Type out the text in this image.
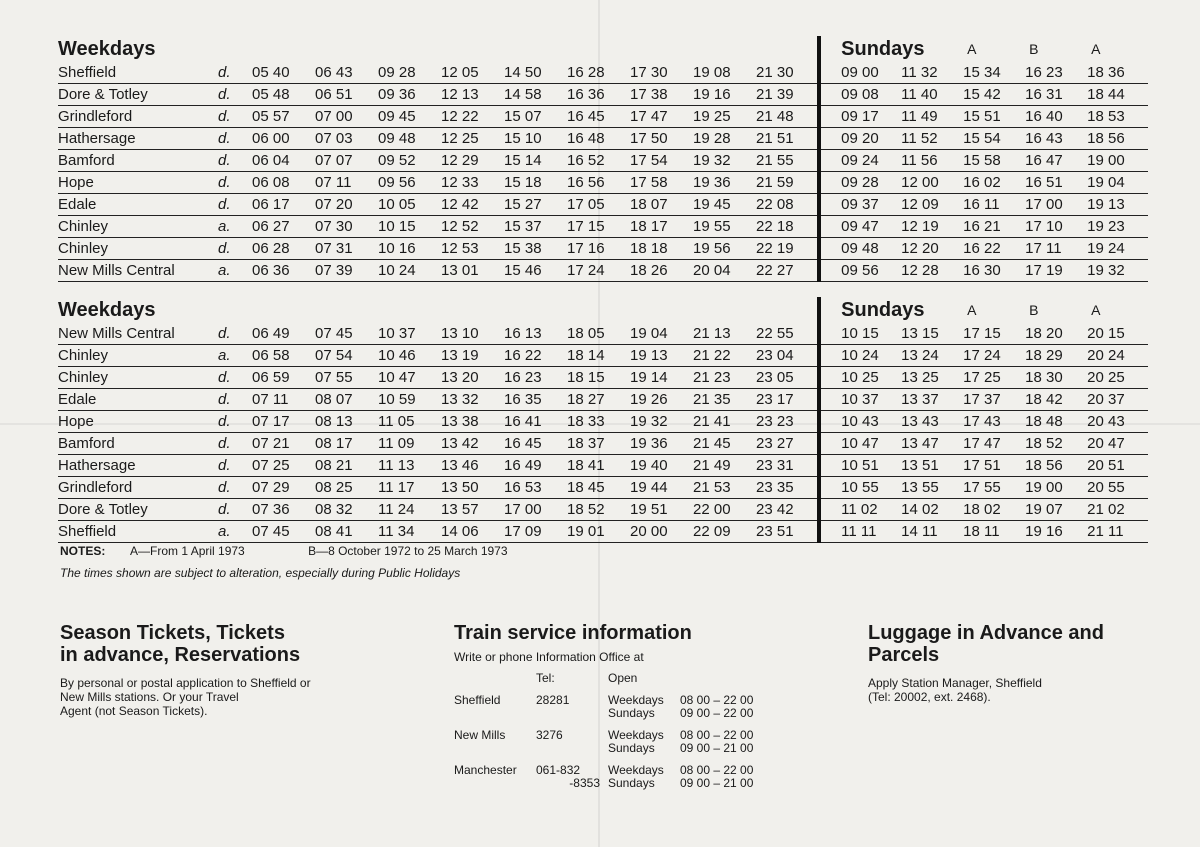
Weekdays											Sundays		A	B	A
Sheffield	d.	05 40	06 43	09 28	12 05	14 50	16 28	17 30	19 08	21 30	09 00	11 32	15 34	16 23	18 36
Dore & Totley	d.	05 48	06 51	09 36	12 13	14 58	16 36	17 38	19 16	21 39	09 08	11 40	15 42	16 31	18 44
Grindleford	d.	05 57	07 00	09 45	12 22	15 07	16 45	17 47	19 25	21 48	09 17	11 49	15 51	16 40	18 53
Hathersage	d.	06 00	07 03	09 48	12 25	15 10	16 48	17 50	19 28	21 51	09 20	11 52	15 54	16 43	18 56
Bamford	d.	06 04	07 07	09 52	12 29	15 14	16 52	17 54	19 32	21 55	09 24	11 56	15 58	16 47	19 00
Hope	d.	06 08	07 11	09 56	12 33	15 18	16 56	17 58	19 36	21 59	09 28	12 00	16 02	16 51	19 04
Edale	d.	06 17	07 20	10 05	12 42	15 27	17 05	18 07	19 45	22 08	09 37	12 09	16 11	17 00	19 13
Chinley	a.	06 27	07 30	10 15	12 52	15 37	17 15	18 17	19 55	22 18	09 47	12 19	16 21	17 10	19 23
Chinley	d.	06 28	07 31	10 16	12 53	15 38	17 16	18 18	19 56	22 19	09 48	12 20	16 22	17 11	19 24
New Mills Central	a.	06 36	07 39	10 24	13 01	15 46	17 24	18 26	20 04	22 27	09 56	12 28	16 30	17 19	19 32
Weekdays											Sundays		A	B	A
New Mills Central	d.	06 49	07 45	10 37	13 10	16 13	18 05	19 04	21 13	22 55	10 15	13 15	17 15	18 20	20 15
Chinley	a.	06 58	07 54	10 46	13 19	16 22	18 14	19 13	21 22	23 04	10 24	13 24	17 24	18 29	20 24
Chinley	d.	06 59	07 55	10 47	13 20	16 23	18 15	19 14	21 23	23 05	10 25	13 25	17 25	18 30	20 25
Edale	d.	07 11	08 07	10 59	13 32	16 35	18 27	19 26	21 35	23 17	10 37	13 37	17 37	18 42	20 37
Hope	d.	07 17	08 13	11 05	13 38	16 41	18 33	19 32	21 41	23 23	10 43	13 43	17 43	18 48	20 43
Bamford	d.	07 21	08 17	11 09	13 42	16 45	18 37	19 36	21 45	23 27	10 47	13 47	17 47	18 52	20 47
Hathersage	d.	07 25	08 21	11 13	13 46	16 49	18 41	19 40	21 49	23 31	10 51	13 51	17 51	18 56	20 51
Grindleford	d.	07 29	08 25	11 17	13 50	16 53	18 45	19 44	21 53	23 35	10 55	13 55	17 55	19 00	20 55
Dore & Totley	d.	07 36	08 32	11 24	13 57	17 00	18 52	19 51	22 00	23 42	11 02	14 02	18 02	19 07	21 02
Sheffield	a.	07 45	08 41	11 34	14 06	17 09	19 01	20 00	22 09	23 51	11 11	14 11	18 11	19 16	21 11
NOTES: A—From 1 April 1973	B—8 October 1972 to 25 March 1973
The times shown are subject to alteration, especially during Public Holidays
Season Tickets, Tickets
in advance, Reservations
By personal or postal application to Sheffield or
New Mills stations. Or your Travel
Agent (not Season Tickets).
Train service information
Write or phone Information Office at
	Tel:	Open	

Sheffield	28281	Weekdays	08 00 – 22 00
		Sundays	09 00 – 22 00

New Mills	3276	Weekdays	08 00 – 22 00
		Sundays	09 00 – 21 00

Manchester	061-832	Weekdays	08 00 – 22 00
	-8353	Sundays	09 00 – 21 00
Luggage in Advance and
Parcels
Apply Station Manager, Sheffield
(Tel: 20002, ext. 2468).
